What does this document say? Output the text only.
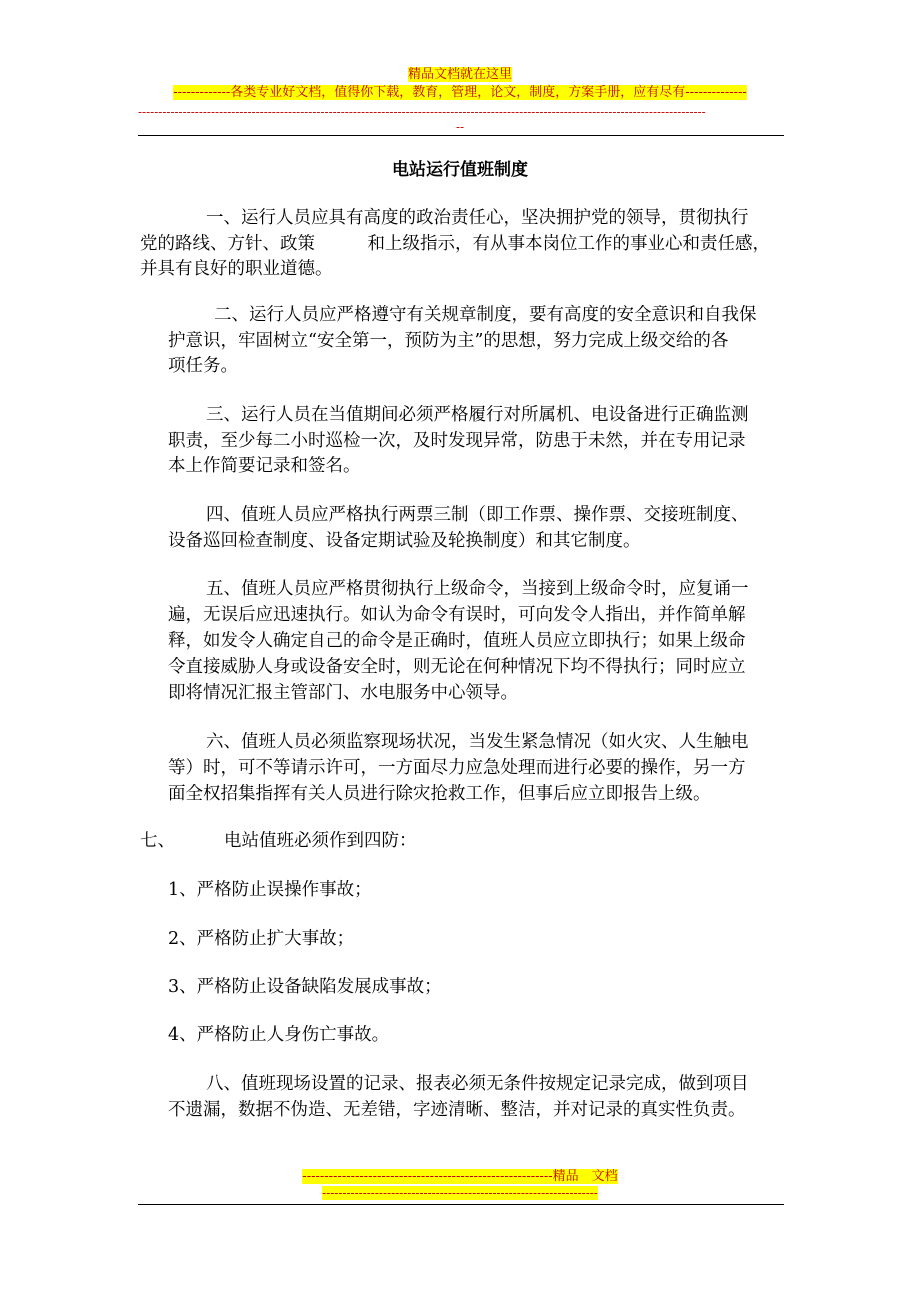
精品文档就在这里
-------------各类专业好文档，值得你下载，教育，管理，论文，制度，方案手册，应有尽有--------------
--------------------------------------------------------------------------------------------------------------------------------------------
--
电站运行值班制度
一、运行人员应具有高度的政治责任心，坚决拥护党的领导，贯彻执行
党的路线、方针、政策　　　和上级指示，有从事本岗位工作的事业心和责任感，
并具有良好的职业道德。
二、运行人员应严格遵守有关规章制度，要有高度的安全意识和自我保
护意识，牢固树立“安全第一，预防为主”的思想，努力完成上级交给的各
项任务。
三、运行人员在当值期间必须严格履行对所属机、电设备进行正确监测
职责，至少每二小时巡检一次，及时发现异常，防患于未然，并在专用记录
本上作简要记录和签名。
四、值班人员应严格执行两票三制（即工作票、操作票、交接班制度、
设备巡回检查制度、设备定期试验及轮换制度）和其它制度。
五、值班人员应严格贯彻执行上级命令，当接到上级命令时，应复诵一
遍，无误后应迅速执行。如认为命令有误时，可向发令人指出，并作简单解
释，如发令人确定自己的命令是正确时，值班人员应立即执行；如果上级命
令直接威胁人身或设备安全时，则无论在何种情况下均不得执行；同时应立
即将情况汇报主管部门、水电服务中心领导。
六、值班人员必须监察现场状况，当发生紧急情况（如火灾、人生触电
等）时，可不等请示许可，一方面尽力应急处理而进行必要的操作，另一方
面全权招集指挥有关人员进行除灾抢救工作，但事后应立即报告上级。
七、	电站值班必须作到四防：
1、严格防止误操作事故；
2、严格防止扩大事故；
3、严格防止设备缺陷发展成事故；
4、严格防止人身伤亡事故。
八、值班现场设置的记录、报表必须无条件按规定记录完成，做到项目
不遗漏，数据不伪造、无差错，字迹清晰、整洁，并对记录的真实性负责。
---------------------------------------------------------精品　文档
--------------------------------------------------------------------
